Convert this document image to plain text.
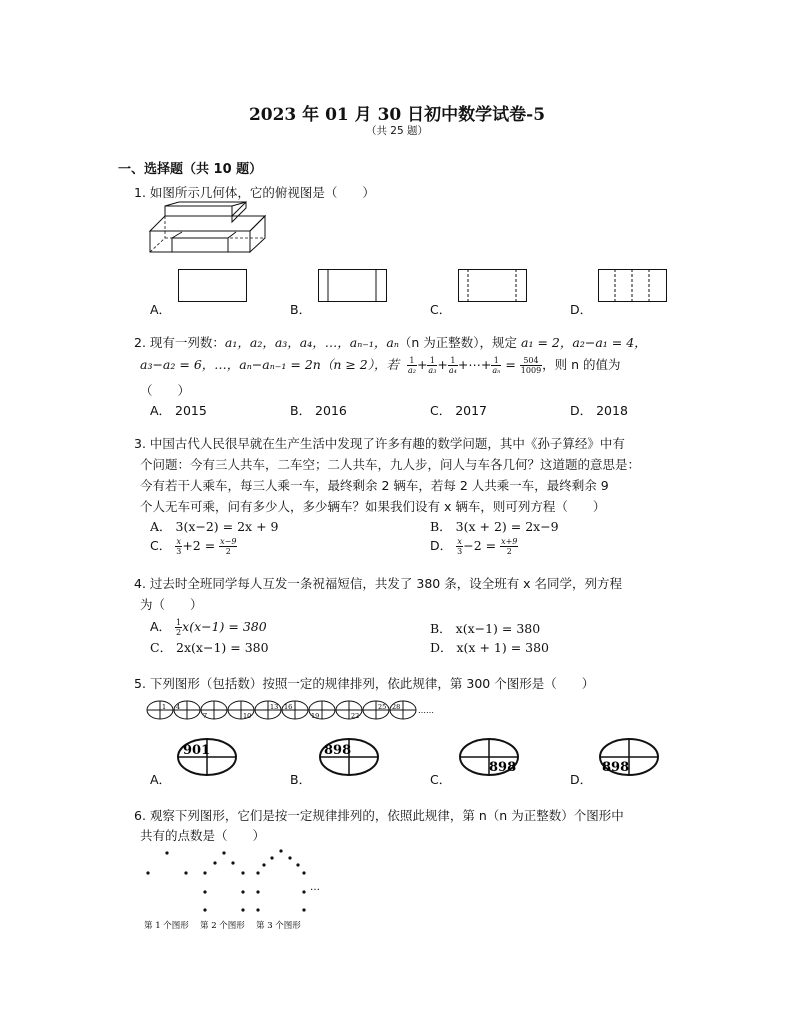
2023 年 01 月 30 日初中数学试卷-5
（共 25 题）
一、选择题（共 10 题）
1. 如图所示几何体，它的俯视图是（　　）
A．	B．	C．	D．
2. 现有一列数：a₁，a₂，a₃，a₄，…，aₙ₋₁，aₙ（n 为正整数），规定 a₁ = 2，a₂−a₁ = 4，
a₃−a₂ = 6，…，aₙ−aₙ₋₁ = 2n（n ≥ 2），若 $\frac{1}{\text{a₂}} + \frac{1}{\text{a₃}} + \frac{1}{\text{a₄}}$ +⋯+ $\frac{1}{\text{aₙ}} = \frac{504}{1009}$ ，则 n 的值为
（　　）
A． 2015	B． 2016	C． 2017	D． 2018
3. 中国古代人民很早就在生产生活中发现了许多有趣的数学问题，其中《孙子算经》中有
个问题：今有三人共车，二车空；二人共车，九人步，问人与车各几何？这道题的意思是：
今有若干人乘车，每三人乘一车，最终剩余 2 辆车，若每 2 人共乘一车，最终剩余 9
个人无车可乘，问有多少人，多少辆车？如果我们设有 x 辆车，则可列方程（　　）
A． 3(x−2) = 2x + 9	B． 3(x + 2) = 2x−9
C． $\frac{x}{3} +2 = \frac{x-9}{2}$	D． $\frac{x}{3} -2 = \frac{x+9}{2}$
4. 过去时全班同学每人互发一条祝福短信，共发了 380 条，设全班有 x 名同学，列方程
为（　　）
A． $\frac{1}{2} x(x-1) = 380$	B． x(x−1) = 380
C． 2x(x−1) = 380	D． x(x + 1) = 380
5. 下列图形（包括数）按照一定的规律排列，依此规律，第 300 个图形是（　　）
1 4
7	10
13 16
19	22
25 28 ……
A．	B．	C．	D．
901	898
898	898
6. 观察下列图形，它们是按一定规律排列的，依照此规律，第 n（n 为正整数）个图形中
共有的点数是（　　）
…
第 1 个图形 第 2 个图形 第 3 个图形
